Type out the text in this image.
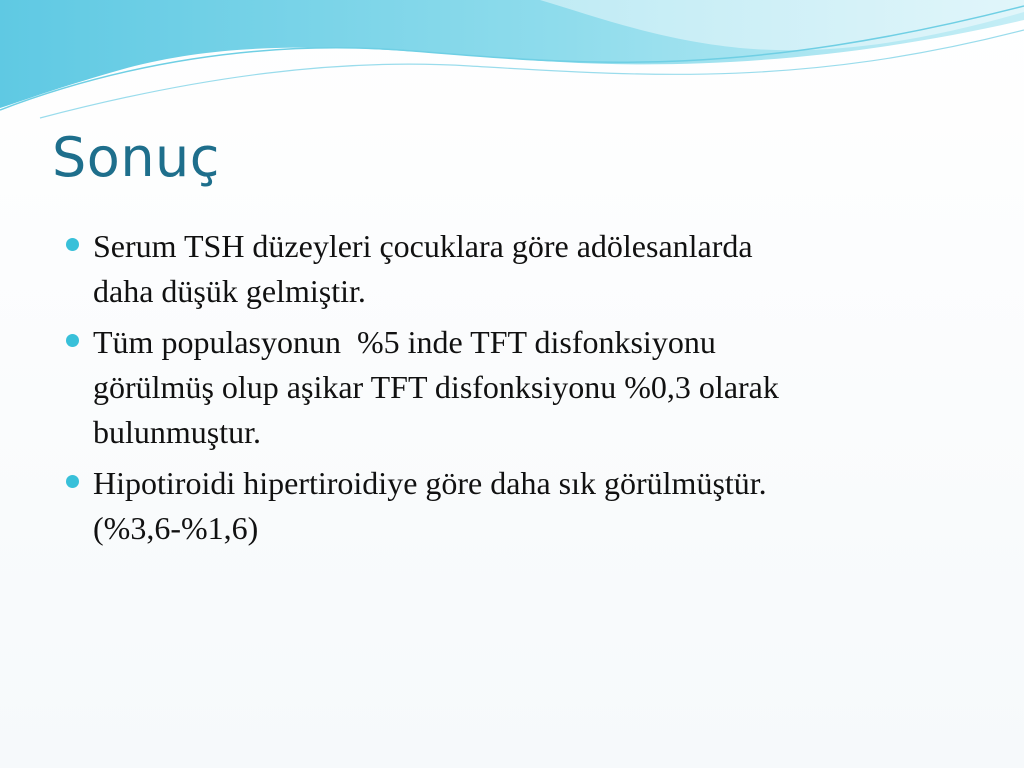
Sonuç
Serum TSH düzeyleri çocuklara göre adölesanlarda
daha düşük gelmiştir.
Tüm populasyonun  %5 inde TFT disfonksiyonu
görülmüş olup aşikar TFT disfonksiyonu %0,3 olarak
bulunmuştur.
Hipotiroidi hipertiroidiye göre daha sık görülmüştür.
(%3,6-%1,6)
